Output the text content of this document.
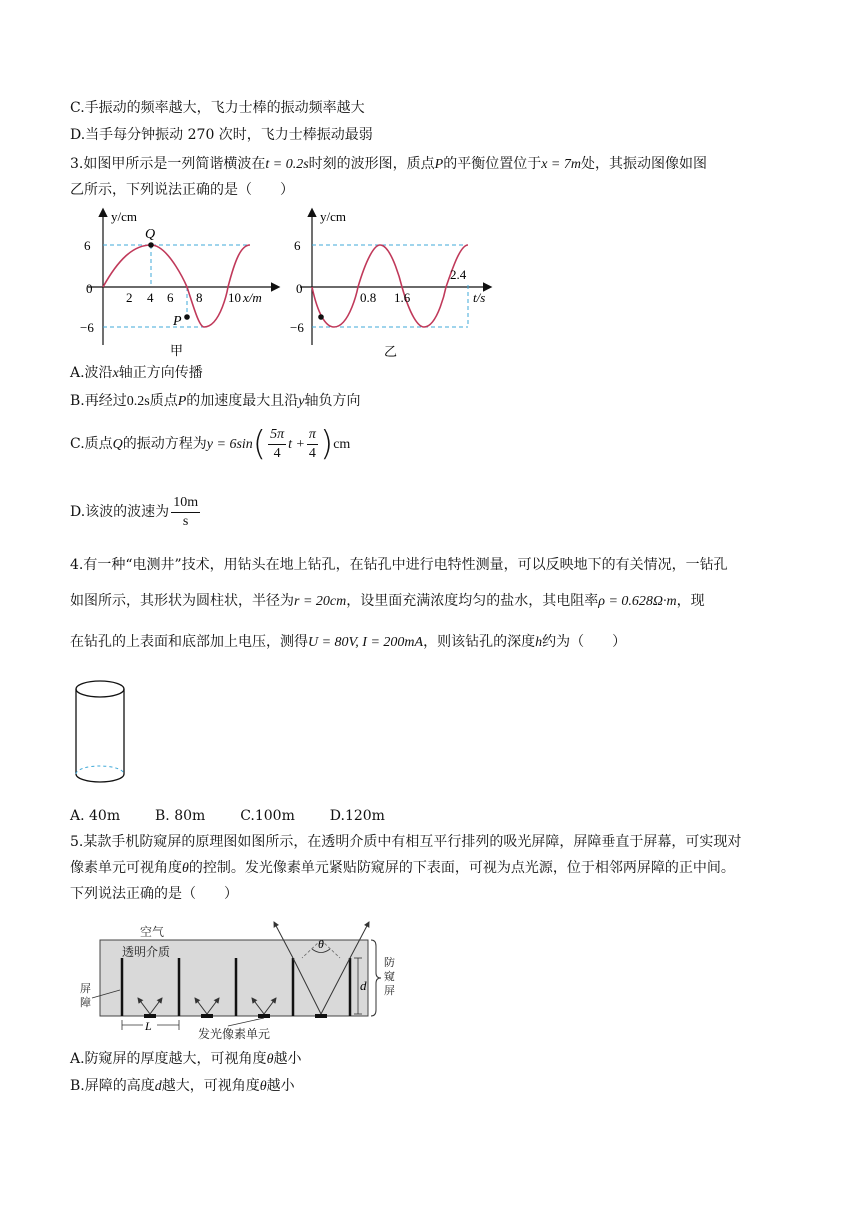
C.手振动的频率越大，飞力士棒的振动频率越大
D.当手每分钟振动 270 次时，飞力士棒振动最弱
3.如图甲所示是一列简谐横波在t = 0.2s时刻的波形图，质点P的平衡位置位于x = 7m处，其振动图像如图
乙所示，下列说法正确的是（　　）
Q
P
y/cm
6
0
−6
2 4 6 8 10 x/m
甲
y/cm
6
0
−6
0.8 1.6
2.4
t/s
乙
A.波沿x轴正方向传播
B.再经过0.2s质点P的加速度最大且沿y轴负方向
C.质点Q的振动方程为$y = 6\sin( \frac{5\pi}{4}$ $t + \frac{\pi}{4} )cm$
D.该波的波速为 $\frac{10m}{s}$
4.有一种“电测井”技术，用钻头在地上钻孔，在钻孔中进行电特性测量，可以反映地下的有关情况，一钻孔
如图所示，其形状为圆柱状，半径为r = 20cm，设里面充满浓度均匀的盐水，其电阻率ρ = 0.628Ω·m，现
在钻孔的上表面和底部加上电压，测得U = 80V, I = 200mA，则该钻孔的深度h约为（　　）
A. 40m B. 80m C.100m D.120m
5.某款手机防窥屏的原理图如图所示，在透明介质中有相互平行排列的吸光屏障，屏障垂直于屏幕，可实现对
像素单元可视角度θ的控制。发光像素单元紧贴防窥屏的下表面，可视为点光源，位于相邻两屏障的正中间。
下列说法正确的是（　　）
空气
透明介质
屏
障
θ
d
L
发光像素单元
防
窥
屏
A.防窥屏的厚度越大，可视角度θ越小
B.屏障的高度d越大，可视角度θ越小
